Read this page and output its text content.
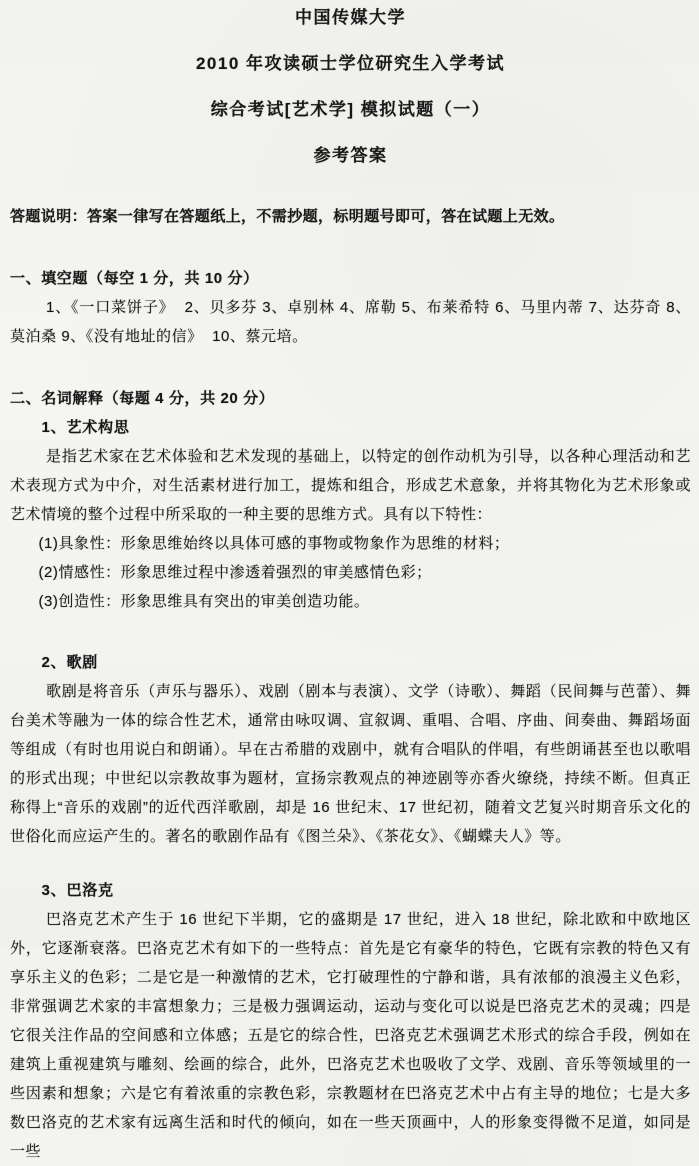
中国传媒大学

2010 年攻读硕士学位研究生入学考试

综合考试[艺术学] 模拟试题（一）

参考答案

答题说明：答案一律写在答题纸上，不需抄题，标明题号即可，答在试题上无效。

一、填空题（每空 1 分，共 10 分）

1、《一口菜饼子》  2、贝多芬 3、卓别林 4、席勒 5、布莱希特 6、马里内蒂 7、达芬奇 8、莫泊桑 9、《没有地址的信》  10、蔡元培。

二、名词解释（每题 4 分，共 20 分）

1、艺术构思

是指艺术家在艺术体验和艺术发现的基础上，以特定的创作动机为引导，以各种心理活动和艺术表现方式为中介，对生活素材进行加工，提炼和组合，形成艺术意象，并将其物化为艺术形象或艺术情境的整个过程中所采取的一种主要的思维方式。具有以下特性：

(1)具象性：形象思维始终以具体可感的事物或物象作为思维的材料；

(2)情感性：形象思维过程中渗透着强烈的审美感情色彩；

(3)创造性：形象思维具有突出的审美创造功能。

2、歌剧

歌剧是将音乐（声乐与器乐）、戏剧（剧本与表演）、文学（诗歌）、舞蹈（民间舞与芭蕾）、舞台美术等融为一体的综合性艺术，通常由咏叹调、宣叙调、重唱、合唱、序曲、间奏曲、舞蹈场面等组成（有时也用说白和朗诵）。早在古希腊的戏剧中，就有合唱队的伴唱，有些朗诵甚至也以歌唱的形式出现；中世纪以宗教故事为题材，宣扬宗教观点的神迹剧等亦香火缭绕，持续不断。但真正称得上“音乐的戏剧”的近代西洋歌剧，却是 16 世纪末、17 世纪初，随着文艺复兴时期音乐文化的世俗化而应运产生的。著名的歌剧作品有《图兰朵》、《茶花女》、《蝴蝶夫人》等。

3、巴洛克

巴洛克艺术产生于 16 世纪下半期，它的盛期是 17 世纪，进入 18 世纪，除北欧和中欧地区外，它逐渐衰落。巴洛克艺术有如下的一些特点：首先是它有豪华的特色，它既有宗教的特色又有享乐主义的色彩；二是它是一种激情的艺术，它打破理性的宁静和谐，具有浓郁的浪漫主义色彩，非常强调艺术家的丰富想象力；三是极力强调运动，运动与变化可以说是巴洛克艺术的灵魂；四是它很关注作品的空间感和立体感；五是它的综合性，巴洛克艺术强调艺术形式的综合手段，例如在建筑上重视建筑与雕刻、绘画的综合，此外，巴洛克艺术也吸收了文学、戏剧、音乐等领域里的一些因素和想象；六是它有着浓重的宗教色彩，宗教题材在巴洛克艺术中占有主导的地位；七是大多数巴洛克的艺术家有远离生活和时代的倾向，如在一些天顶画中，人的形象变得微不足道，如同是一些
